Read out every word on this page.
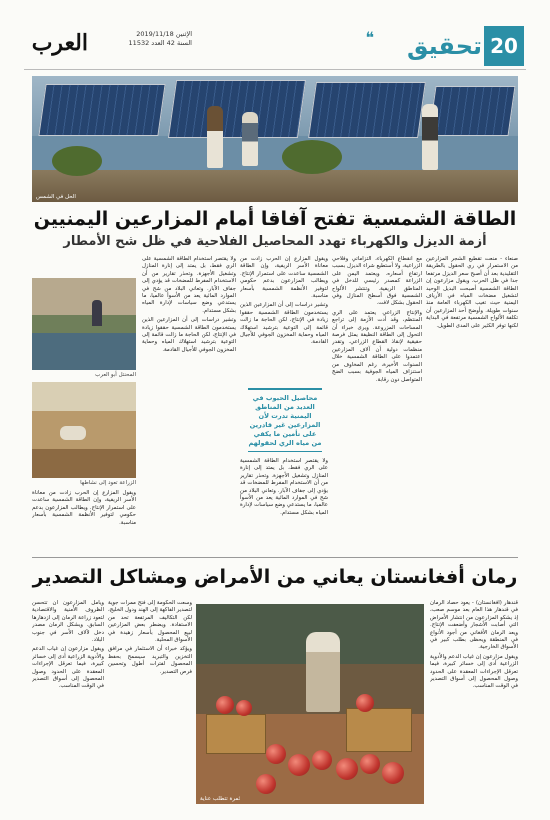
العرب	الإثنين 2019/11/18
السنة 42 العدد 11532	❝ تحقيق 20
الحل في الشمس
الطاقة الشمسية تفتح آفاقا أمام المزارعين اليمنيين
أزمة الديزل والكهرباء تهدد المحاصيل الفلاحية في ظل شح الأمطار

صنعاء - منعت تقطيع الشجر المزارعين من الاستمرار في ري الحقول بالطريقة التقليدية بعد أن أصبح سعر الديزل مرتفعا جدا في ظل الحرب. ويقول مزارعون إن الطاقة الشمسية أصبحت البديل الوحيد لتشغيل مضخات المياه في الأرياف اليمنية حيث تغيب الكهرباء العامة منذ سنوات طويلة. وأوضح أحد المزارعين أن تكلفة الألواح الشمسية مرتفعة في البداية لكنها توفر الكثير على المدى الطويل.

مع انقطاع الكهرباء، التزاماتي وفلاحي الزراعية، ولا أستطيع شراء الديزل بسبب ارتفاع أسعاره. ويعتمد اليمن على الزراعة كمصدر رئيسي للدخل في المناطق الريفية. وتنتشر الألواح الشمسية فوق أسطح المنازل وفي الحقول بشكل لافت.

والإنتاج الزراعي يعتمد على الري المنتظم، وقد أدت الأزمة إلى تراجع المساحات المزروعة. ويرى خبراء أن التحول إلى الطاقة النظيفة يمثل فرصة حقيقية لإنقاذ القطاع الزراعي. وتقدر منظمات دولية أن آلاف المزارعين اعتمدوا على الطاقة الشمسية خلال السنوات الأخيرة، رغم المخاوف من استنزاف المياه الجوفية بسبب الضخ المتواصل دون رقابة.

ويقول المزارع إن الحرب زادت من معاناة الأسر الريفية، وإن الطاقة الشمسية ساعدت على استمرار الإنتاج. ويطالب المزارعون بدعم حكومي لتوفير الأنظمة الشمسية بأسعار مناسبة.

وتشير دراسات إلى أن المزارعين الذين يستخدمون الطاقة الشمسية حققوا زيادة في الإنتاج، لكن الحاجة ما زالت قائمة إلى التوعية بترشيد استهلاك المياه وحماية المخزون الجوفي للأجيال القادمة.

محاصيل الحبوب في العديد من المناطق اليمنية تدرت لأن المزارعين غير قادرين على تأمين ما يكفي من مياه الري لحقولهم

ولا يقتصر استخدام الطاقة الشمسية على الري فقط، بل يمتد إلى إنارة المنازل وتشغيل الأجهزة. وتحذر تقارير من أن الاستخدام المفرط للمضخات قد يؤدي إلى جفاف الآبار. وتعاني البلاد من شح في الموارد المائية يعد من الأسوأ عالميا، ما يستدعي وضع سياسات لإدارة المياه بشكل مستدام.

ولا يقتصر استخدام الطاقة الشمسية على الري فقط، بل يمتد إلى إنارة المنازل وتشغيل الأجهزة. وتحذر تقارير من أن الاستخدام المفرط للمضخات قد يؤدي إلى جفاف الآبار. وتعاني البلاد من شح في الموارد المائية يعد من الأسوأ عالميا، ما يستدعي وضع سياسات لإدارة المياه بشكل مستدام.

وتشير دراسات إلى أن المزارعين الذين يستخدمون الطاقة الشمسية حققوا زيادة في الإنتاج، لكن الحاجة ما زالت قائمة إلى التوعية بترشيد استهلاك المياه وحماية المخزون الجوفي للأجيال القادمة.

المحنتل أبو العرب
الزراعة تعود إلى نشاطها

ويقول المزارع إن الحرب زادت من معاناة الأسر الريفية، وإن الطاقة الشمسية ساعدت على استمرار الإنتاج. ويطالب المزارعون بدعم حكومي لتوفير الأنظمة الشمسية بأسعار مناسبة.

رمان أفغانستان يعاني من الأمراض ومشاكل التصدير

قندهار (أفغانستان) - يعود حصاد الرمان في قندهار هذا العام بعد موسم صعب، إذ يشكو المزارعون من انتشار الأمراض التي أصابت الأشجار وأضعفت الإنتاج. ويعد الرمان الأفغاني من أجود الأنواع في المنطقة ويحظى بطلب كبير في الأسواق الخارجية.

ويقول مزارعون إن غياب الدعم والأدوية الزراعية أدى إلى خسائر كبيرة، فيما تعرقل الإجراءات المعقدة على الحدود وصول المحصول إلى أسواق التصدير في الوقت المناسب.

ثمرة تتطلب عناية

وسعت الحكومة إلى فتح ممرات جوية لتصدير الفاكهة إلى الهند ودول الخليج، لكن التكاليف المرتفعة تحد من الاستفادة. ويضطر بعض المزارعين لبيع المحصول بأسعار زهيدة في الأسواق المحلية.

ويؤكد خبراء أن الاستثمار في مرافق التخزين والتبريد سيسمح بحفظ المحصول لفترات أطول وتحسين فرص التصدير.

ويأمل المزارعون أن تتحسن الظروف الأمنية والاقتصادية لتعود زراعة الرمان إلى ازدهارها السابق. ويشكل الرمان مصدر دخل لآلاف الأسر في جنوب البلاد.

ويقول مزارعون إن غياب الدعم والأدوية الزراعية أدى إلى خسائر كبيرة، فيما تعرقل الإجراءات المعقدة على الحدود وصول المحصول إلى أسواق التصدير في الوقت المناسب.
